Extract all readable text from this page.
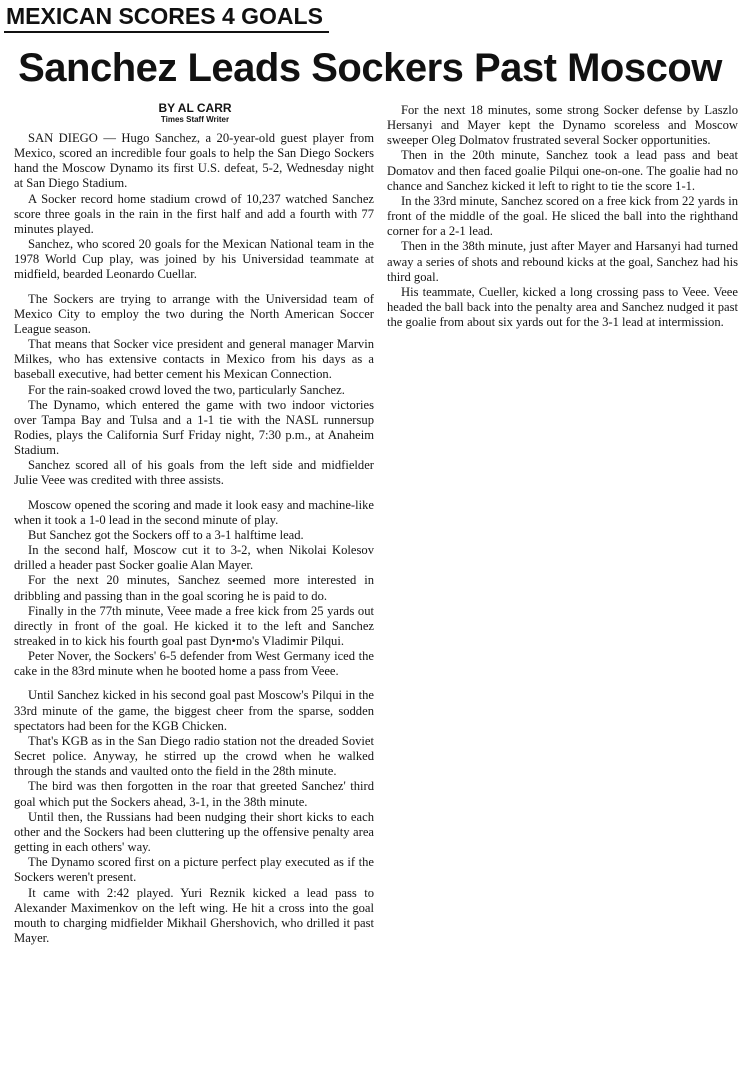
MEXICAN SCORES 4 GOALS
Sanchez Leads Sockers Past Moscow
BY AL CARR
Times Staff Writer

SAN DIEGO — Hugo Sanchez, a 20-year-old guest player from Mexico, scored an incredible four goals to help the San Diego Sockers hand the Moscow Dynamo its first U.S. defeat, 5-2, Wednesday night at San Diego Stadium.

A Socker record home stadium crowd of 10,237 watched Sanchez score three goals in the rain in the first half and add a fourth with 77 minutes played.

Sanchez, who scored 20 goals for the Mexican National team in the 1978 World Cup play, was joined by his Universidad teammate at midfield, bearded Leonardo Cuellar.

The Sockers are trying to arrange with the Universidad team of Mexico City to employ the two during the North American Soccer League season.

That means that Socker vice president and general manager Marvin Milkes, who has extensive contacts in Mexico from his days as a baseball executive, had better cement his Mexican Connection.

For the rain-soaked crowd loved the two, particularly Sanchez.

The Dynamo, which entered the game with two indoor victories over Tampa Bay and Tulsa and a 1-1 tie with the NASL runnersup Rodies, plays the California Surf Friday night, 7:30 p.m., at Anaheim Stadium.

Sanchez scored all of his goals from the left side and midfielder Julie Veee was credited with three assists.

Moscow opened the scoring and made it look easy and machine-like when it took a 1-0 lead in the second minute of play.

But Sanchez got the Sockers off to a 3-1 halftime lead.

In the second half, Moscow cut it to 3-2, when Nikolai Kolesov drilled a header past Socker goalie Alan Mayer.

For the next 20 minutes, Sanchez seemed more interested in dribbling and passing than in the goal scoring he is paid to do.

Finally in the 77th minute, Veee made a free kick from 25 yards out directly in front of the goal. He kicked it to the left and Sanchez streaked in to kick his fourth goal past Dyn•mo's Vladimir Pilqui.

Peter Nover, the Sockers' 6-5 defender from West Germany iced the cake in the 83rd minute when he booted home a pass from Veee.

Until Sanchez kicked in his second goal past Moscow's Pilqui in the 33rd minute of the game, the biggest cheer from the sparse, sodden spectators had been for the KGB Chicken.

That's KGB as in the San Diego radio station not the dreaded Soviet Secret police. Anyway, he stirred up the crowd when he walked through the stands and vaulted onto the field in the 28th minute.

The bird was then forgotten in the roar that greeted Sanchez' third goal which put the Sockers ahead, 3-1, in the 38th minute.

Until then, the Russians had been nudging their short kicks to each other and the Sockers had been cluttering up the offensive penalty area getting in each others' way.

The Dynamo scored first on a picture perfect play executed as if the Sockers weren't present.

It came with 2:42 played. Yuri Reznik kicked a lead pass to Alexander Maximenkov on the left wing. He hit a cross into the goal mouth to charging midfielder Mikhail Ghershovich, who drilled it past Mayer.

For the next 18 minutes, some strong Socker defense by Laszlo Hersanyi and Mayer kept the Dynamo scoreless and Moscow sweeper Oleg Dolmatov frustrated several Socker opportunities.

Then in the 20th minute, Sanchez took a lead pass and beat Domatov and then faced goalie Pilqui one-on-one. The goalie had no chance and Sanchez kicked it left to right to tie the score 1-1.

In the 33rd minute, Sanchez scored on a free kick from 22 yards in front of the middle of the goal. He sliced the ball into the righthand corner for a 2-1 lead.

Then in the 38th minute, just after Mayer and Harsanyi had turned away a series of shots and rebound kicks at the goal, Sanchez had his third goal.

His teammate, Cueller, kicked a long crossing pass to Veee. Veee headed the ball back into the penalty area and Sanchez nudged it past the goalie from about six yards out for the 3-1 lead at intermission.
